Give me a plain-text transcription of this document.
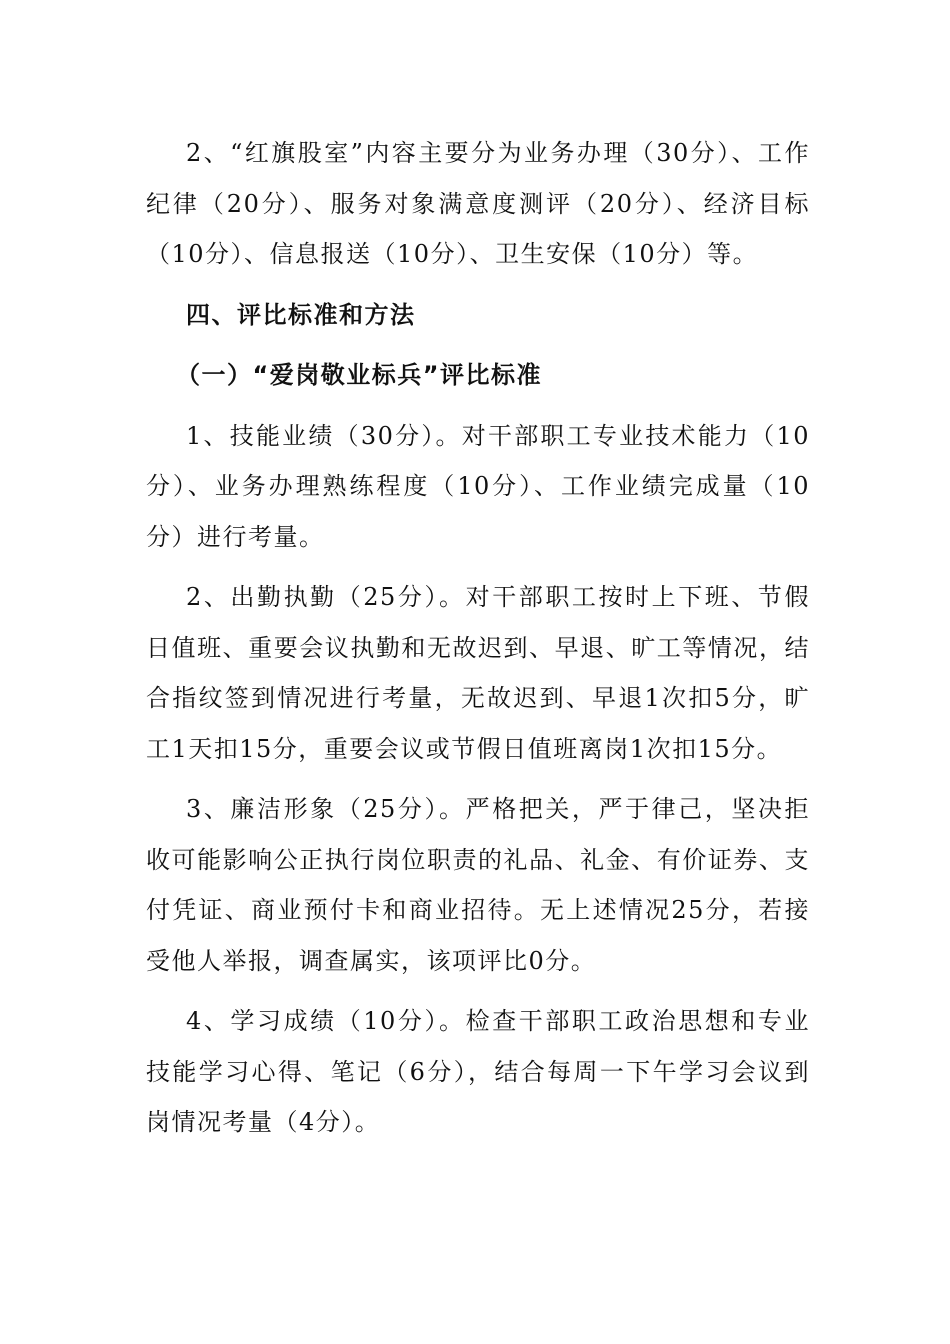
2、“红旗股室”内容主要分为业务办理（30分）、工作纪律（20分）、服务对象满意度测评（20分）、经济目标（10分）、信息报送（10分）、卫生安保（10分）等。

四、评比标准和方法

（一）“爱岗敬业标兵”评比标准

1、技能业绩（30分）。对干部职工专业技术能力（10分）、业务办理熟练程度（10分）、工作业绩完成量（10分）进行考量。

2、出勤执勤（25分）。对干部职工按时上下班、节假日值班、重要会议执勤和无故迟到、早退、旷工等情况，结合指纹签到情况进行考量，无故迟到、早退1次扣5分，旷工1天扣15分，重要会议或节假日值班离岗1次扣15分。

3、廉洁形象（25分）。严格把关，严于律己，坚决拒收可能影响公正执行岗位职责的礼品、礼金、有价证券、支付凭证、商业预付卡和商业招待。无上述情况25分，若接受他人举报，调查属实，该项评比0分。

4、学习成绩（10分）。检查干部职工政治思想和专业技能学习心得、笔记（6分），结合每周一下午学习会议到岗情况考量（4分）。
